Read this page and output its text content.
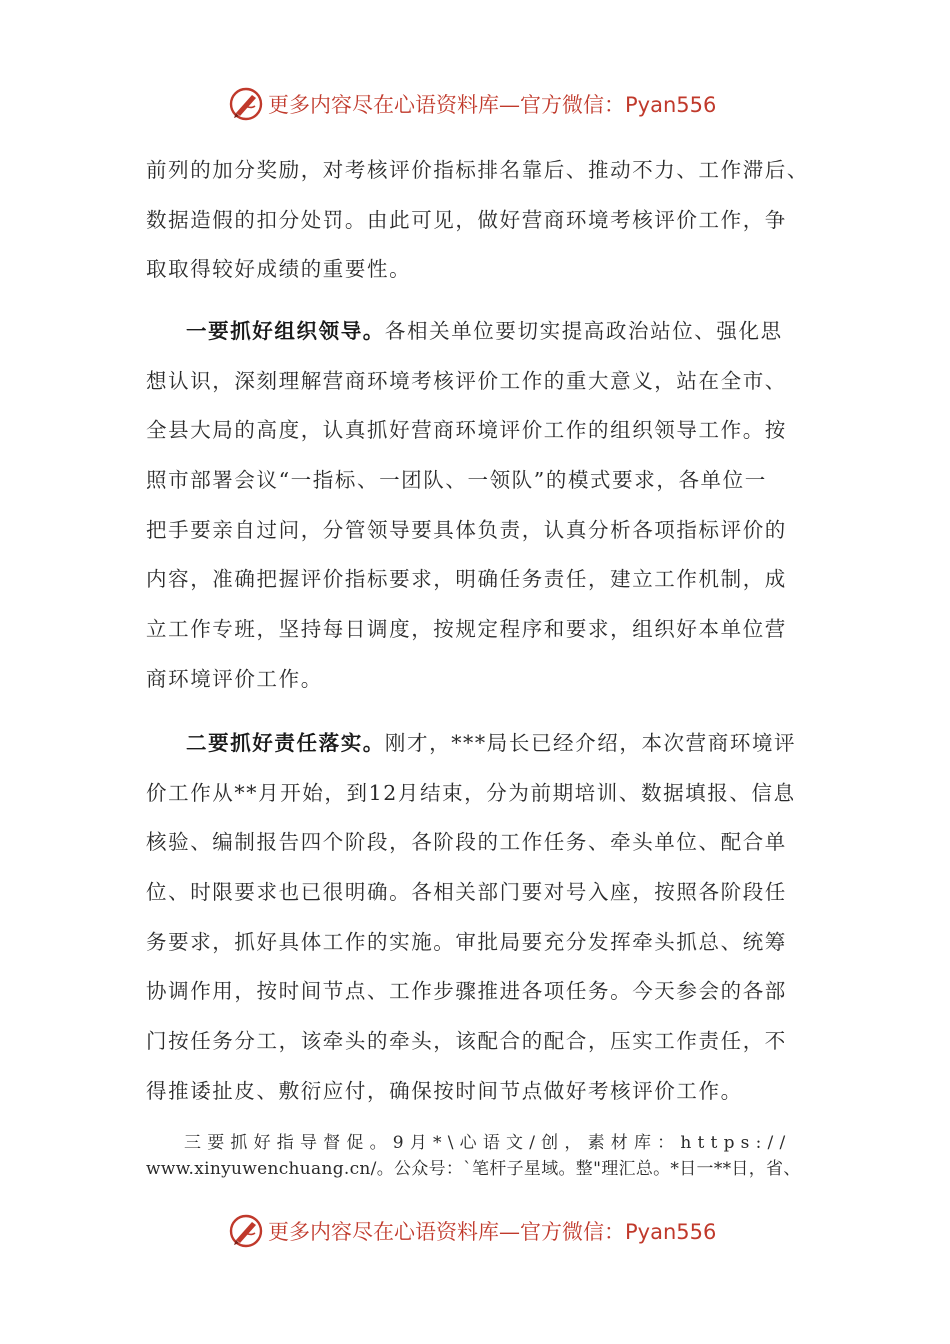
更多内容尽在心语资料库—官方微信：Pyan556
前列的加分奖励，对考核评价指标排名靠后、推动不力、工作滞后、
数据造假的扣分处罚。由此可见，做好营商环境考核评价工作，争
取取得较好成绩的重要性。
一要抓好组织领导。各相关单位要切实提高政治站位、强化思
想认识，深刻理解营商环境考核评价工作的重大意义，站在全市、
全县大局的高度，认真抓好营商环境评价工作的组织领导工作。按
照市部署会议“一指标、一团队、一领队”的模式要求，各单位一
把手要亲自过问，分管领导要具体负责，认真分析各项指标评价的
内容，准确把握评价指标要求，明确任务责任，建立工作机制，成
立工作专班，坚持每日调度，按规定程序和要求，组织好本单位营
商环境评价工作。
二要抓好责任落实。刚才，***局长已经介绍，本次营商环境评
价工作从**月开始，到12月结束，分为前期培训、数据填报、信息
核验、编制报告四个阶段，各阶段的工作任务、牵头单位、配合单
位、时限要求也已很明确。各相关部门要对号入座，按照各阶段任
务要求，抓好具体工作的实施。审批局要充分发挥牵头抓总、统筹
协调作用，按时间节点、工作步骤推进各项任务。今天参会的各部
门按任务分工，该牵头的牵头，该配合的配合，压实工作责任，不
得推诿扯皮、敷衍应付，确保按时间节点做好考核评价工作。
三要抓好指导督促。9月*\心语文/创，素材库：https://
www.xinyuwenchuang.cn/。公众号：`笔杆子星域。整"理汇总。*日一**日，省、
更多内容尽在心语资料库—官方微信：Pyan556
